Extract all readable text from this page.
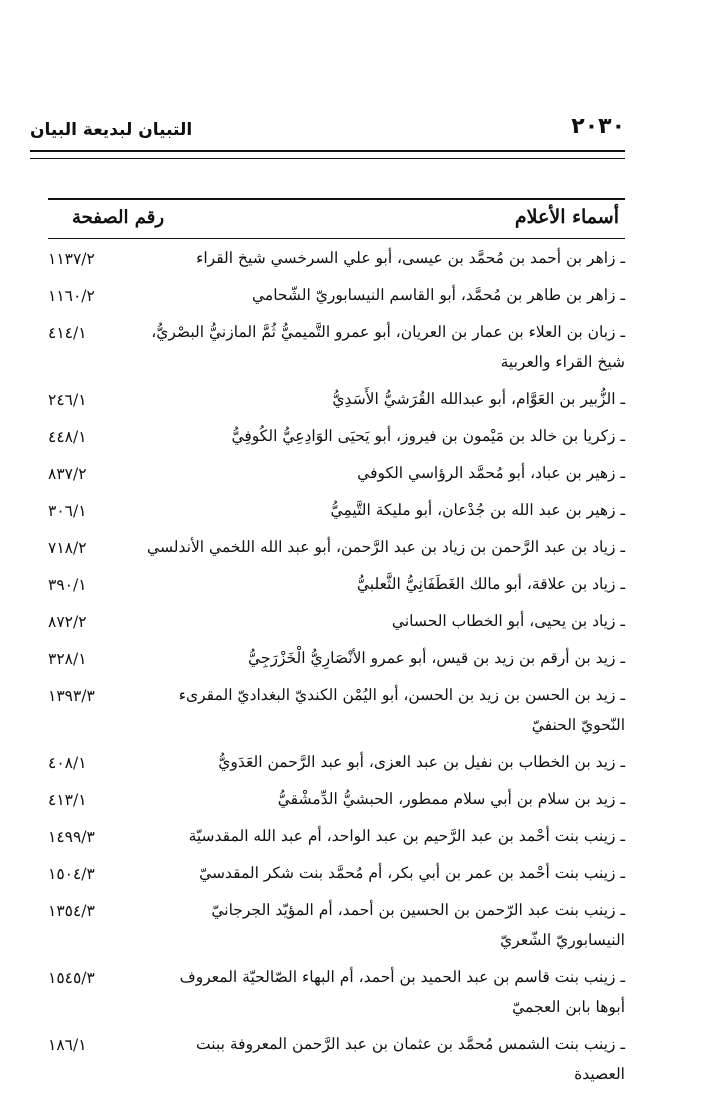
التبيان لبديعة البيان	٢٠٣٠
أسماء الأعلام
رقم الصفحة
ـ زاهر بن أحمد بن مُحمَّد بن عيسى، أبو علي السرخسي شيخ القراء
١١٣٧/٢
ـ زاهر بن طاهر بن مُحمَّد، أبو القاسم النيسابوريّ الشّحامي
١١٦٠/٢
ـ زبان بن العلاء بن عمار بن العريان، أبو عمرو التَّميميُّ ثُمَّ المازنيُّ البصْريُّ، شيخ القراء والعربية
٤١٤/١
ـ الزُّبير بن العَوَّام، أبو عبدالله القُرَشيُّ الأَسَدِيُّ
٢٤٦/١
ـ زكريا بن خالد بن مَيْمون بن فيروز، أبو يَحيَى الوَادِعِيُّ الكُوفِيُّ
٤٤٨/١
ـ زهير بن عباد، أبو مُحمَّد الرؤاسي الكوفي
٨٣٧/٢
ـ زهير بن عبد الله بن جُدْعان، أبو مليكة التَّيمِيُّ
٣٠٦/١
ـ زياد بن عبد الرَّحمن بن زياد بن عبد الرَّحمن، أبو عبد الله اللخمي الأندلسي
٧١٨/٢
ـ زياد بن علاقة، أبو مالك الغَطَفَانِيُّ الثَّعلبيُّ
٣٩٠/١
ـ زياد بن يحيى، أبو الخطاب الحساني
٨٧٢/٢
ـ زيد بن أرقم بن زيد بن قيس، أبو عمرو الأنْصَارِيُّ الْخَزْرَجِيُّ
٣٢٨/١
ـ زيد بن الحسن بن زيد بن الحسن، أبو اليُمْن الكنديّ البغداديّ المقرىء النّحويّ الحنفيّ
١٣٩٣/٣
ـ زيد بن الخطاب بن نفيل بن عبد العزى، أبو عبد الرَّحمن العَدَويُّ
٤٠٨/١
ـ زيد بن سلام بن أبي سلام ممطور، الحبشيُّ الدِّمشْقيُّ
٤١٣/١
ـ زينب بنت أحْمد بن عبد الرَّحيم بن عبد الواحد، أم عبد الله المقدسيّة
١٤٩٩/٣
ـ زينب بنت أحْمد بن عمر بن أبي بكر، أم مُحمَّد بنت شكر المقدسيّ
١٥٠٤/٣
ـ زينب بنت عبد الرّحمن بن الحسين بن أحمد، أم المؤيّد الجرجانيّ النيسابوريّ الشّعريّ
١٣٥٤/٣
ـ زينب بنت قاسم بن عبد الحميد بن أحمد، أم البهاء الصّالحيّة المعروف أبوها بابن العجميّ
١٥٤٥/٣
ـ زينب بنت الشمس مُحمَّد بن عثمان بن عبد الرَّحمن المعروفة ببنت العصيدة
١٨٦/١
